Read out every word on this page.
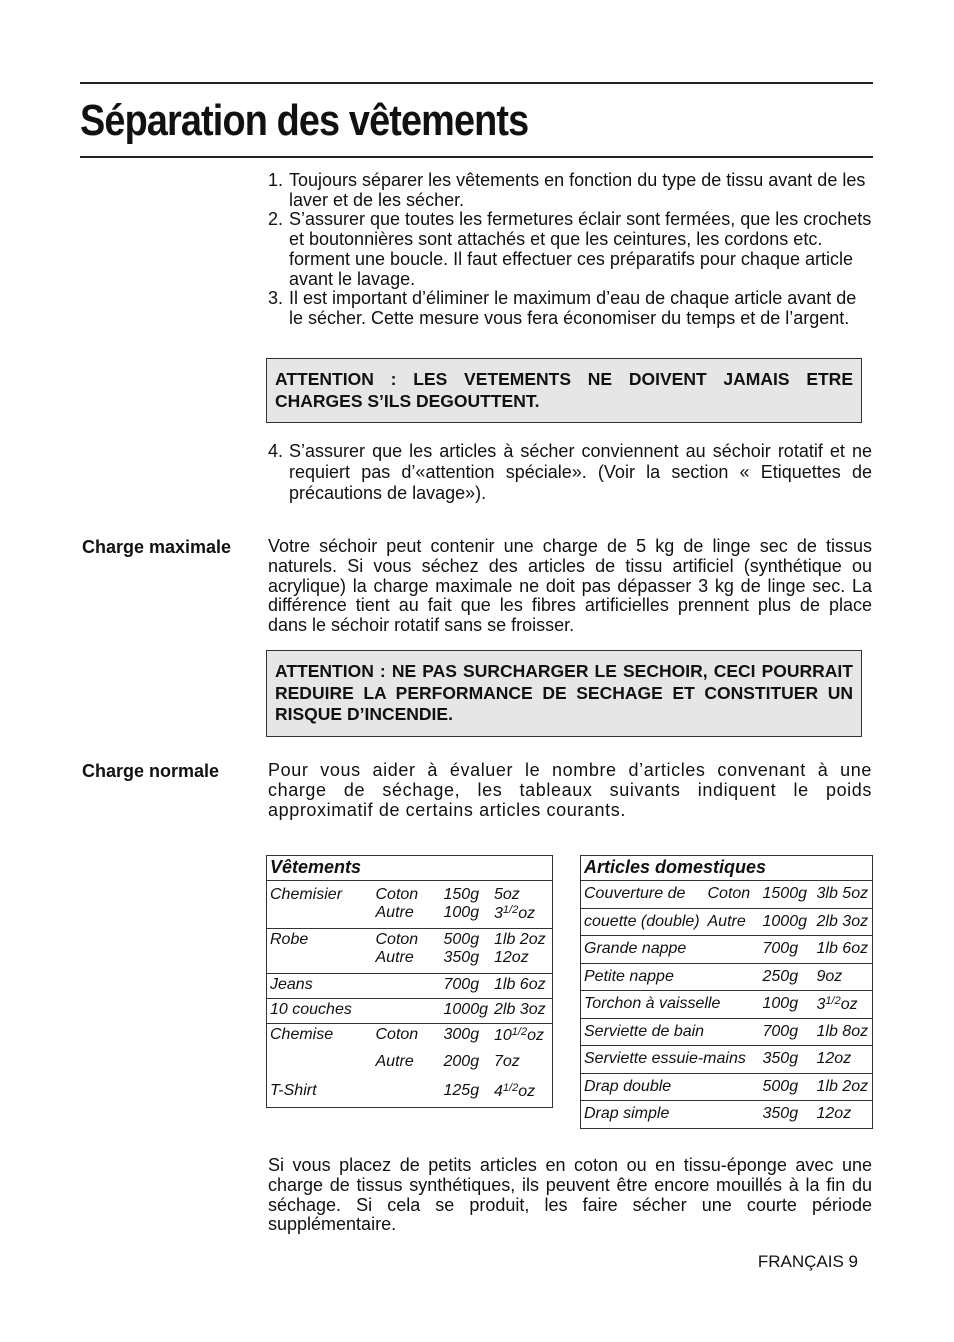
Séparation des vêtements
1. Toujours séparer les vêtements en fonction du type de tissu avant de les laver et de les sécher.
2. S’assurer que toutes les fermetures éclair sont fermées, que les crochets et boutonnières sont attachés et que les ceintures, les cordons etc. forment une boucle. Il faut effectuer ces préparatifs pour chaque article avant le lavage.
3. Il est important d’éliminer le maximum d’eau de chaque article avant de le sécher. Cette mesure vous fera économiser du temps et de l’argent.
ATTENTION : LES VETEMENTS NE DOIVENT JAMAIS ETRE CHARGES S’ILS DEGOUTTENT.
4. S’assurer que les articles à sécher conviennent au séchoir rotatif et ne requiert pas d’«attention spéciale». (Voir la section « Etiquettes de précautions de lavage»).
Charge maximale Votre séchoir peut contenir une charge de 5 kg de linge sec de tissus naturels. Si vous séchez des articles de tissu artificiel (synthétique ou acrylique) la charge maximale ne doit pas dépasser 3 kg de linge sec. La différence tient au fait que les fibres artificielles prennent plus de place dans le séchoir rotatif sans se froisser.

ATTENTION : NE PAS SURCHARGER LE SECHOIR, CECI POURRAIT REDUIRE LA PERFORMANCE DE SECHAGE ET CONSTITUER UN RISQUE D’INCENDIE.
Charge normale	Pour vous aider à évaluer le nombre d’articles convenant à une charge de séchage, les tableaux suivants indiquent le poids approximatif de certains articles courants.

Vêtements			
Chemisier	Coton	150g	5oz
	Autre	100g	$3^{1/2}oz$
Robe	Coton	500g	1lb 2oz
	Autre	350g	12oz
Jeans		700g	1lb 6oz
10 couches		1000g	2lb 3oz
Chemise	Coton	300g	$10^{1/2}oz$
	Autre	200g	7oz
T-Shirt		125g	$4^{1/2}oz$
Articles domestiques			
Couverture de	Coton	1500g	3lb 5oz
couette (double)	Autre	1000g	2lb 3oz
Grande nappe		700g	1lb 6oz
Petite nappe		250g	9oz
Torchon à vaisselle		100g	$3^{1/2}oz$
Serviette de bain		700g	1lb 8oz
Serviette essuie-mains		350g	12oz
Drap double		500g	1lb 2oz
Drap simple		350g	12oz

Si vous placez de petits articles en coton ou en tissu-éponge avec une charge de tissus synthétiques, ils peuvent être encore mouillés à la fin du séchage. Si cela se produit, les faire sécher une courte période supplémentaire.

FRANÇAIS 9
